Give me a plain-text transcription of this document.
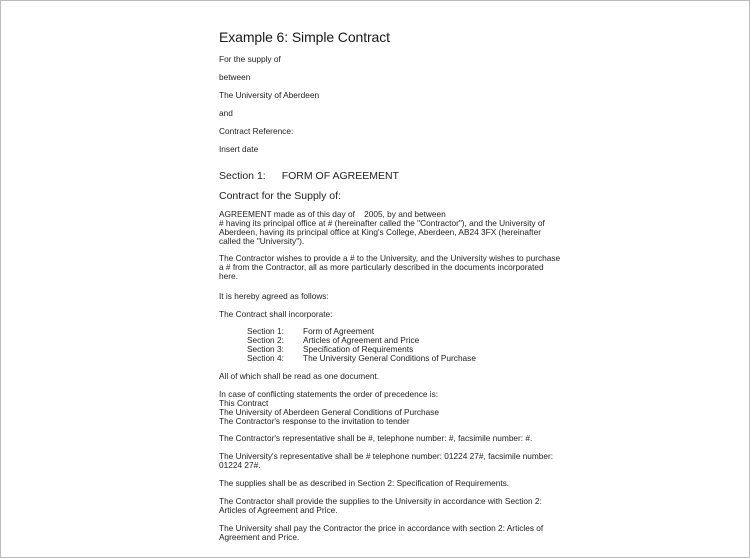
Example 6: Simple Contract
For the supply of
between
The University of Aberdeen
and
Contract Reference:
Insert date
Section 1: FORM OF AGREEMENT
Contract for the Supply of:
AGREEMENT made as of this day of    2005, by and between
# having its principal office at # (hereinafter called the "Contractor"), and the University of
Aberdeen, having its principal office at King's College, Aberdeen, AB24 3FX (hereinafter
called the "University").
The Contractor wishes to provide a # to the University, and the University wishes to purchase
a # from the Contractor, all as more particularly described in the documents incorporated
here.
It is hereby agreed as follows:
The Contract shall incorporate:
Section 1:	Form of Agreement
Section 2:	Articles of Agreement and Price
Section 3:	Specification of Requirements
Section 4:	The University General Conditions of Purchase
All of which shall be read as one document.
In case of conflicting statements the order of precedence is:
This Contract
The University of Aberdeen General Conditions of Purchase
The Contractor's response to the invitation to tender
The Contractor's representative shall be #, telephone number: #, facsimile number: #.
The University's representative shall be # telephone number: 01224 27#, facsimile number:
01224 27#.
The supplies shall be as described in Section 2: Specification of Requirements.
The Contractor shall provide the supplies to the University in accordance with Section 2:
Articles of Agreement and Price.
The University shall pay the Contractor the price in accordance with section 2: Articles of
Agreement and Price.
